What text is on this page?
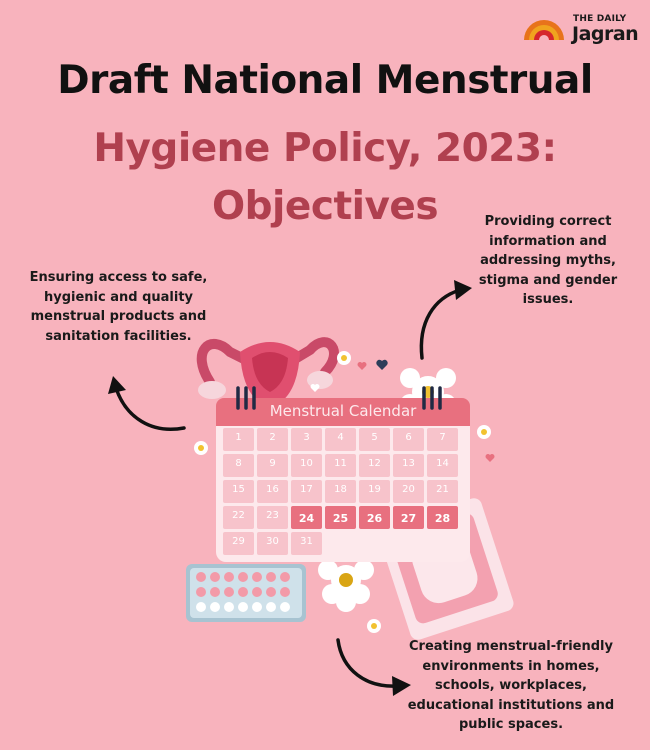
THE DAILY
Jagran
Draft National Menstrual
Hygiene Policy, 2023:
Objectives

Ensuring access to safe, hygienic and quality menstrual products and sanitation facilities.

Providing correct information and addressing myths, stigma and gender issues.

Creating menstrual-friendly environments in homes, schools, workplaces, educational institutions and public spaces.

Menstrual Calendar
1	2	3	4	5	6	7
8	9	10	11	12	13	14
15	16	17	18	19	20	21
22	23	24	25	26	27	28
29	30	31
